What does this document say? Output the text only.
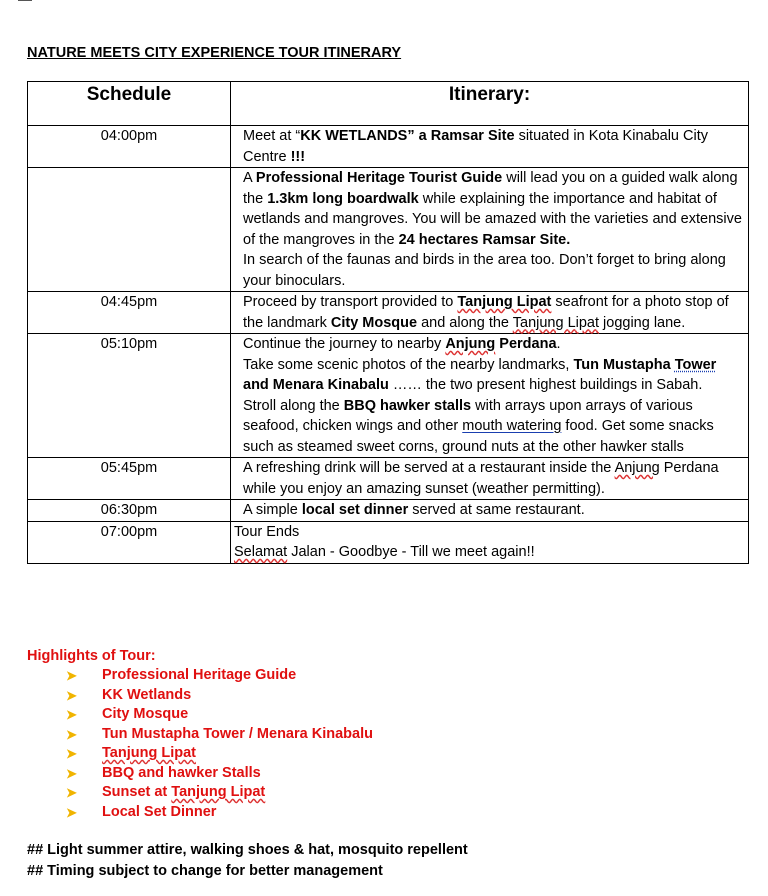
NATURE MEETS CITY EXPERIENCE TOUR ITINERARY
Schedule	Itinerary:

04:00pm	Meet at “KK WETLANDS” a Ramsar Site situated in Kota Kinabalu City Centre !!!
	A Professional Heritage Tourist Guide will lead you on a guided walk along the 1.3km long boardwalk while explaining the importance and habitat of wetlands and mangroves. You will be amazed with the varieties and extensive of the mangroves in the 24 hectares Ramsar Site.
In search of the faunas and birds in the area too. Don’t forget to bring along your binoculars.
04:45pm	Proceed by transport provided to Tanjung Lipat seafront for a photo stop of the landmark City Mosque and along the Tanjung Lipat jogging lane.
05:10pm	Continue the journey to nearby Anjung Perdana.
Take some scenic photos of the nearby landmarks, Tun Mustapha Tower and Menara Kinabalu …… the two present highest buildings in Sabah.
Stroll along the BBQ hawker stalls with arrays upon arrays of various seafood, chicken wings and other mouth watering food. Get some snacks such as steamed sweet corns, ground nuts at the other hawker stalls
05:45pm	A refreshing drink will be served at a restaurant inside the Anjung Perdana while you enjoy an amazing sunset (weather permitting).
06:30pm	A simple local set dinner served at same restaurant.
07:00pm	Tour Ends
Selamat Jalan - Goodbye - Till we meet again!!
Highlights of Tour:
➤ Professional Heritage Guide
➤ KK Wetlands
➤ City Mosque
➤ Tun Mustapha Tower / Menara Kinabalu
➤ Tanjung Lipat
➤ BBQ and hawker Stalls
➤ Sunset at Tanjung Lipat
➤ Local Set Dinner
## Light summer attire, walking shoes & hat, mosquito repellent
## Timing subject to change for better management
